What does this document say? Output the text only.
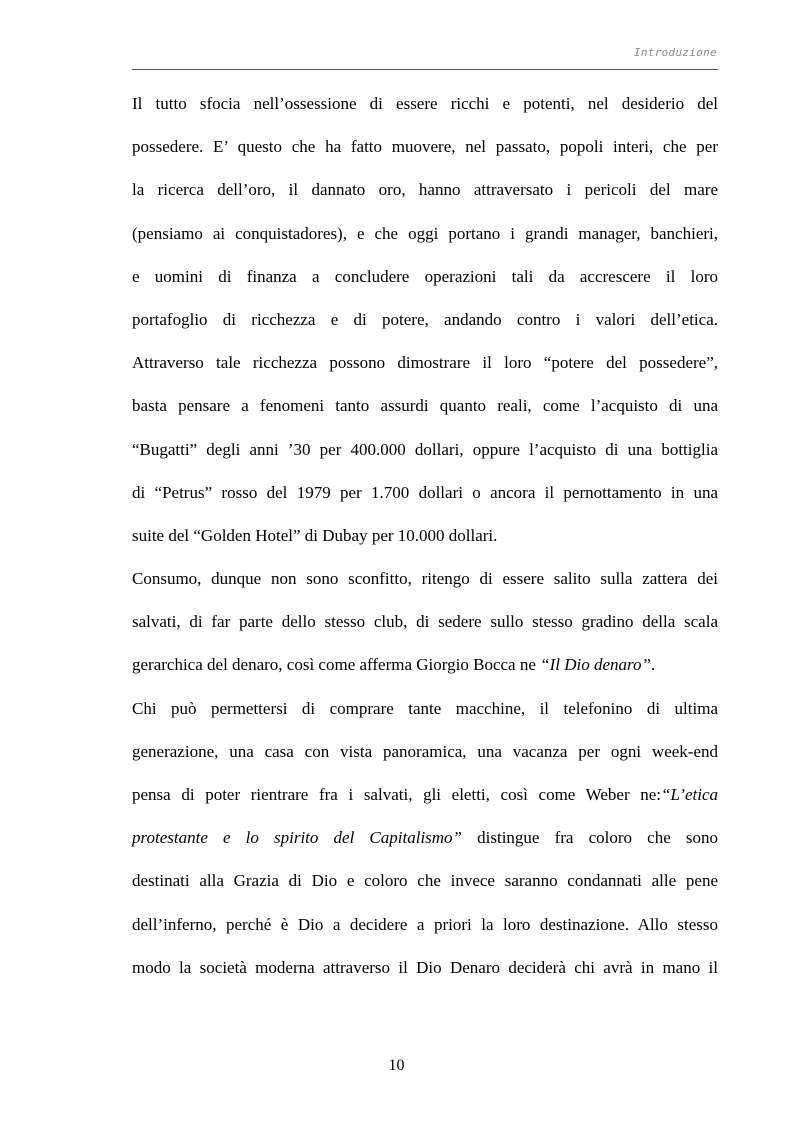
Introduzione
Il tutto sfocia nell’ossessione di essere ricchi e potenti, nel desiderio del
possedere. E’ questo che ha fatto muovere, nel passato, popoli interi, che per
la ricerca dell’oro, il dannato oro, hanno attraversato i pericoli del mare
(pensiamo ai conquistadores), e che oggi portano i grandi manager, banchieri,
e uomini di finanza a concludere operazioni tali da accrescere il loro
portafoglio di ricchezza e di potere, andando contro i valori dell’etica.
Attraverso tale ricchezza possono dimostrare il loro “potere del possedere”,
basta pensare a fenomeni tanto assurdi quanto reali, come l’acquisto di una
“Bugatti” degli anni ’30 per 400.000 dollari, oppure l’acquisto di una bottiglia
di “Petrus” rosso del 1979 per 1.700 dollari o ancora il pernottamento in una
suite del “Golden Hotel” di Dubay per 10.000 dollari.
Consumo, dunque non sono sconfitto, ritengo di essere salito sulla zattera dei
salvati, di far parte dello stesso club, di sedere sullo stesso gradino della scala
gerarchica del denaro, così come afferma Giorgio Bocca ne “Il Dio denaro”.
Chi può permettersi di comprare tante macchine, il telefonino di ultima
generazione, una casa con vista panoramica, una vacanza per ogni week-end
pensa di poter rientrare fra i salvati, gli eletti, così come Weber ne:“L’etica
protestante e lo spirito del Capitalismo” distingue fra coloro che sono
destinati alla Grazia di Dio e coloro che invece saranno condannati alle pene
dell’inferno, perché è Dio a decidere a priori la loro destinazione. Allo stesso
modo la società moderna attraverso il Dio Denaro deciderà chi avrà in mano il
10
